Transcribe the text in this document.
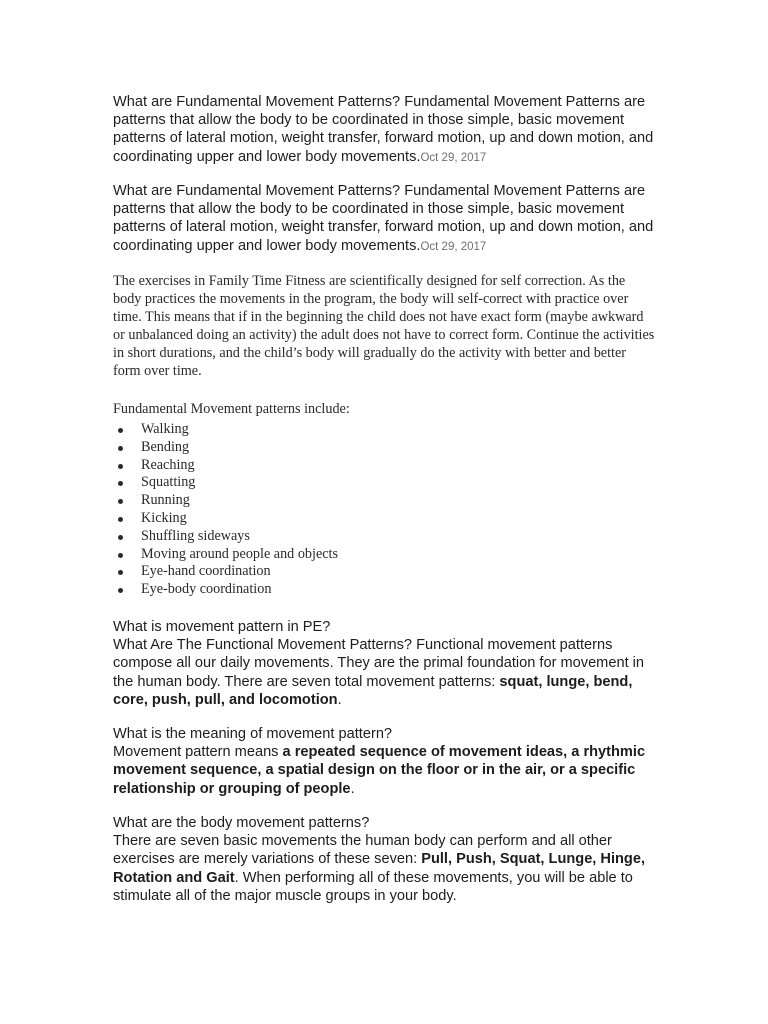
What are Fundamental Movement Patterns? Fundamental Movement Patterns are patterns that allow the body to be coordinated in those simple, basic movement patterns of lateral motion, weight transfer, forward motion, up and down motion, and coordinating upper and lower body movements.Oct 29, 2017
What are Fundamental Movement Patterns? Fundamental Movement Patterns are patterns that allow the body to be coordinated in those simple, basic movement patterns of lateral motion, weight transfer, forward motion, up and down motion, and coordinating upper and lower body movements.Oct 29, 2017

The exercises in Family Time Fitness are scientifically designed for self correction. As the body practices the movements in the program, the body will self-correct with practice over time. This means that if in the beginning the child does not have exact form (maybe awkward or unbalanced doing an activity) the adult does not have to correct form. Continue the activities in short durations, and the child’s body will gradually do the activity with better and better form over time.

Fundamental Movement patterns include:

Walking
Bending
Reaching
Squatting
Running
Kicking
Shuffling sideways
Moving around people and objects
Eye-hand coordination
Eye-body coordination
What is movement pattern in PE?
What Are The Functional Movement Patterns? Functional movement patterns compose all our daily movements. They are the primal foundation for movement in the human body. There are seven total movement patterns: squat, lunge, bend, core, push, pull, and locomotion.
What is the meaning of movement pattern?
Movement pattern means a repeated sequence of movement ideas, a rhythmic movement sequence, a spatial design on the floor or in the air, or a specific relationship or grouping of people.
What are the body movement patterns?
There are seven basic movements the human body can perform and all other exercises are merely variations of these seven: Pull, Push, Squat, Lunge, Hinge, Rotation and Gait. When performing all of these movements, you will be able to stimulate all of the major muscle groups in your body.
